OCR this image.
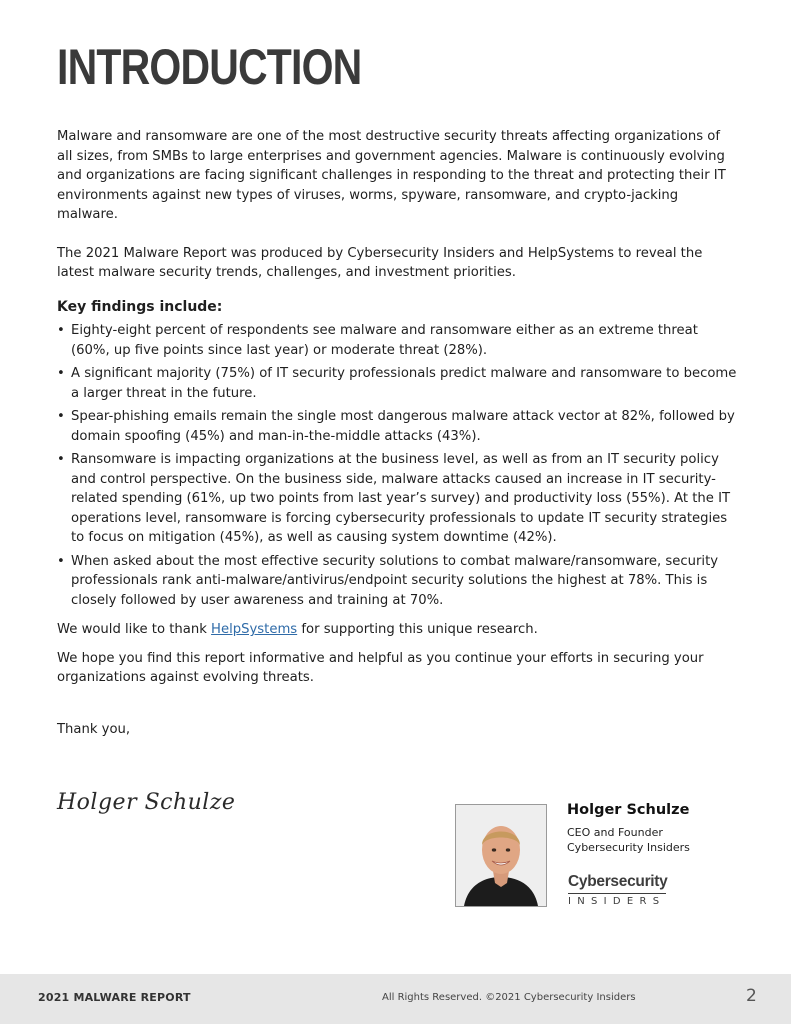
INTRODUCTION

Malware and ransomware are one of the most destructive security threats affecting organizations of all sizes, from SMBs to large enterprises and government agencies. Malware is continuously evolving and organizations are facing significant challenges in responding to the threat and protecting their IT environments against new types of viruses, worms, spyware, ransomware, and crypto-jacking malware.

The 2021 Malware Report was produced by Cybersecurity Insiders and HelpSystems to reveal the latest malware security trends, challenges, and investment priorities.

Key findings include:

• Eighty-eight percent of respondents see malware and ransomware either as an extreme threat (60%, up five points since last year) or moderate threat (28%).
• A significant majority (75%) of IT security professionals predict malware and ransomware to become a larger threat in the future.
• Spear-phishing emails remain the single most dangerous malware attack vector at 82%, followed by domain spoofing (45%) and man-in-the-middle attacks (43%).
• Ransomware is impacting organizations at the business level, as well as from an IT security policy and control perspective. On the business side, malware attacks caused an increase in IT security-related spending (61%, up two points from last year’s survey) and productivity loss (55%). At the IT operations level, ransomware is forcing cybersecurity professionals to update IT security strategies to focus on mitigation (45%), as well as causing system downtime (42%).
• When asked about the most effective security solutions to combat malware/ransomware, security professionals rank anti-malware/antivirus/endpoint security solutions the highest at 78%. This is closely followed by user awareness and training at 70%.

We would like to thank HelpSystems for supporting this unique research.

We hope you find this report informative and helpful as you continue your efforts in securing your organizations against evolving threats.

Thank you,

Holger Schulze	Holger Schulze
CEO and Founder
Cybersecurity Insiders
Cybersecurity
INSIDERS
2021 MALWARE REPORT	All Rights Reserved. ©2021 Cybersecurity Insiders	2
